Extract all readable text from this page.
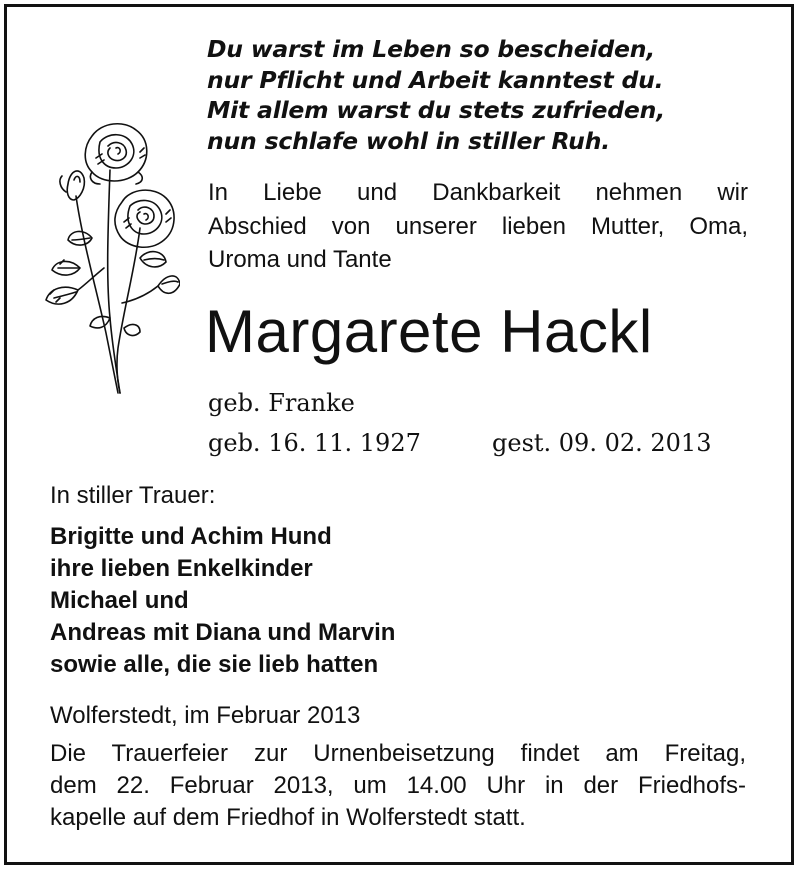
Du warst im Leben so bescheiden,
nur Pflicht und Arbeit kanntest du.
Mit allem warst du stets zufrieden,
nun schlafe wohl in stiller Ruh.
In Liebe und Dankbarkeit nehmen wir
Abschied von unserer lieben Mutter, Oma,
Uroma und Tante
Margarete Hackl
geb. Franke
geb. 16. 11. 1927	gest. 09. 02. 2013
In stiller Trauer:
Brigitte und Achim Hund
ihre lieben Enkelkinder
Michael und
Andreas mit Diana und Marvin
sowie alle, die sie lieb hatten
Wolferstedt, im Februar 2013
Die Trauerfeier zur Urnenbeisetzung findet am Freitag,
dem 22. Februar 2013, um 14.00 Uhr in der Friedhofs-
kapelle auf dem Friedhof in Wolferstedt statt.
